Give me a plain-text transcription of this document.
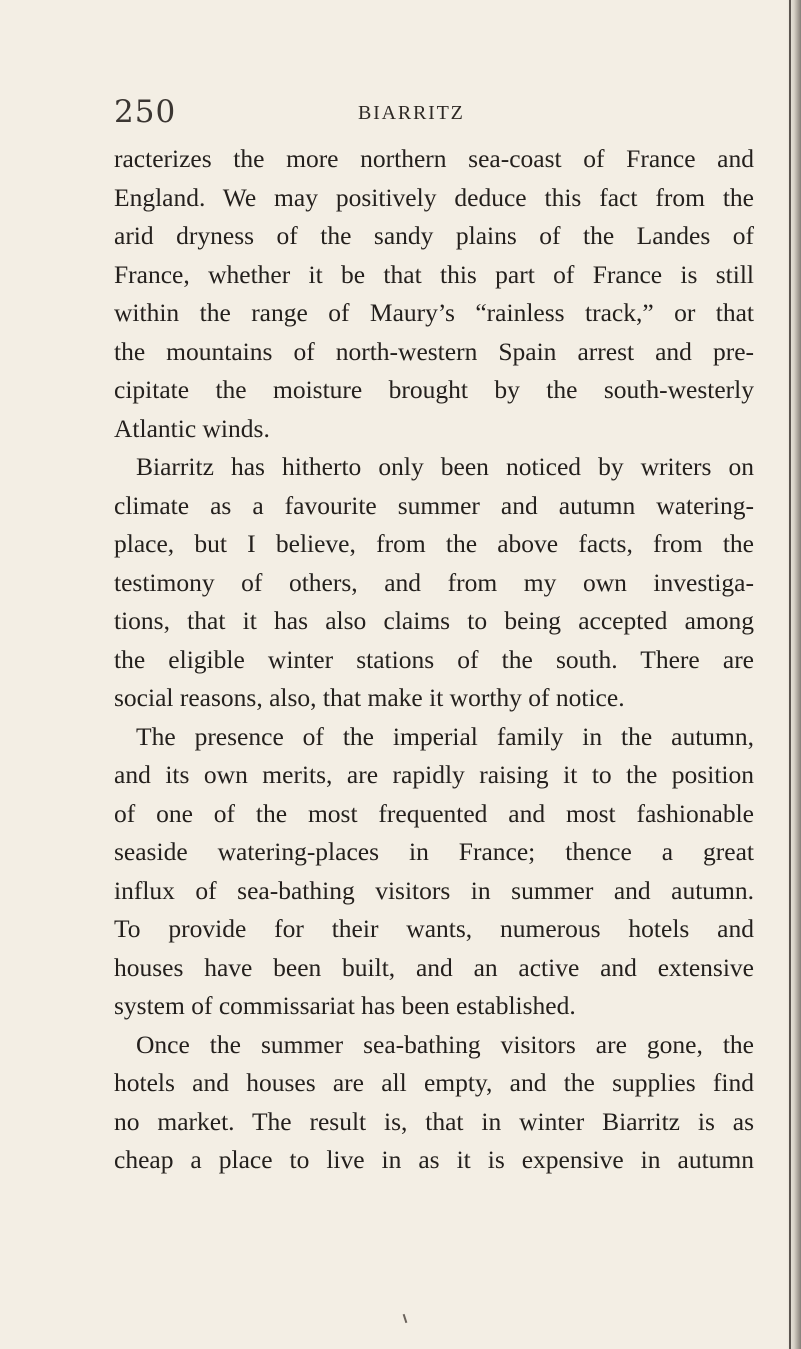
250	BIARRITZ
racterizes the more northern sea-coast of France and
England. We may positively deduce this fact from the
arid dryness of the sandy plains of the Landes of
France, whether it be that this part of France is still
within the range of Maury’s “rainless track,” or that
the mountains of north-western Spain arrest and pre-
cipitate the moisture brought by the south-westerly
Atlantic winds.
Biarritz has hitherto only been noticed by writers on
climate as a favourite summer and autumn watering-
place, but I believe, from the above facts, from the
testimony of others, and from my own investiga-
tions, that it has also claims to being accepted among
the eligible winter stations of the south. There are
social reasons, also, that make it worthy of notice.
The presence of the imperial family in the autumn,
and its own merits, are rapidly raising it to the position
of one of the most frequented and most fashionable
seaside watering-places in France; thence a great
influx of sea-bathing visitors in summer and autumn.
To provide for their wants, numerous hotels and
houses have been built, and an active and extensive
system of commissariat has been established.
Once the summer sea-bathing visitors are gone, the
hotels and houses are all empty, and the supplies find
no market. The result is, that in winter Biarritz is as
cheap a place to live in as it is expensive in autumn
